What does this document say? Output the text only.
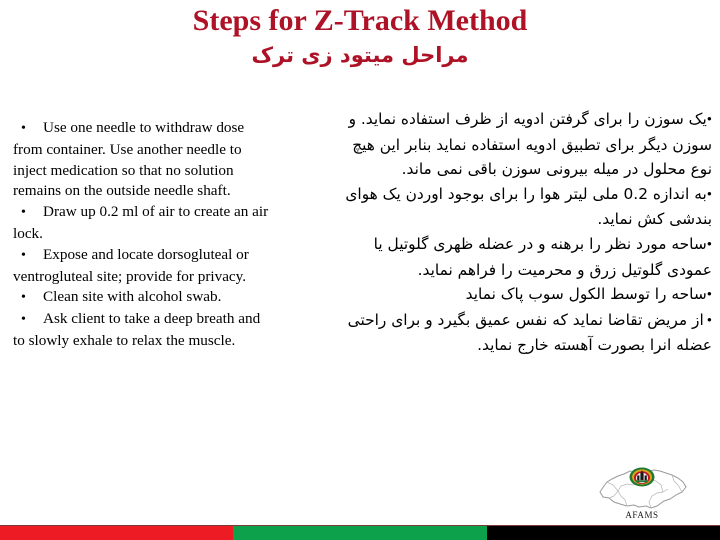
Steps for Z-Track Method
مراحل میتود زی ترک

• Use one needle to withdraw dose from container. Use another needle to inject medication so that no solution remains on the outside needle shaft.

• Draw up 0.2 ml of air to create an air lock.

• Expose and locate dorsogluteal or ventrogluteal site; provide for privacy.

• Clean site with alcohol swab.

• Ask client to take a deep breath and to slowly exhale to relax the muscle.

•یک سوزن را برای گرفتن ادویه از ظرف استفاده نماید. و سوزن دیگر برای تطبیق ادویه استفاده نماید بنابر این هیچ نوع محلول در میله بیرونی سوزن باقی نمی ماند.

•به اندازه 0.2 ملی لیتر هوا را برای بوجود اوردن یک هوای بندشی کش نماید.

•ساحه مورد نظر را برهنه و در عضله ظهری گلوتیل یا عمودی گلوتیل زرق و محرمیت را فراهم نماید.

•ساحه را توسط الکول سوب پاک نماید

•از مریض تقاضا نماید که نفس عمیق بگیرد و برای راحتی عضله انرا بصورت آهسته خارج نماید.

AFAMS
